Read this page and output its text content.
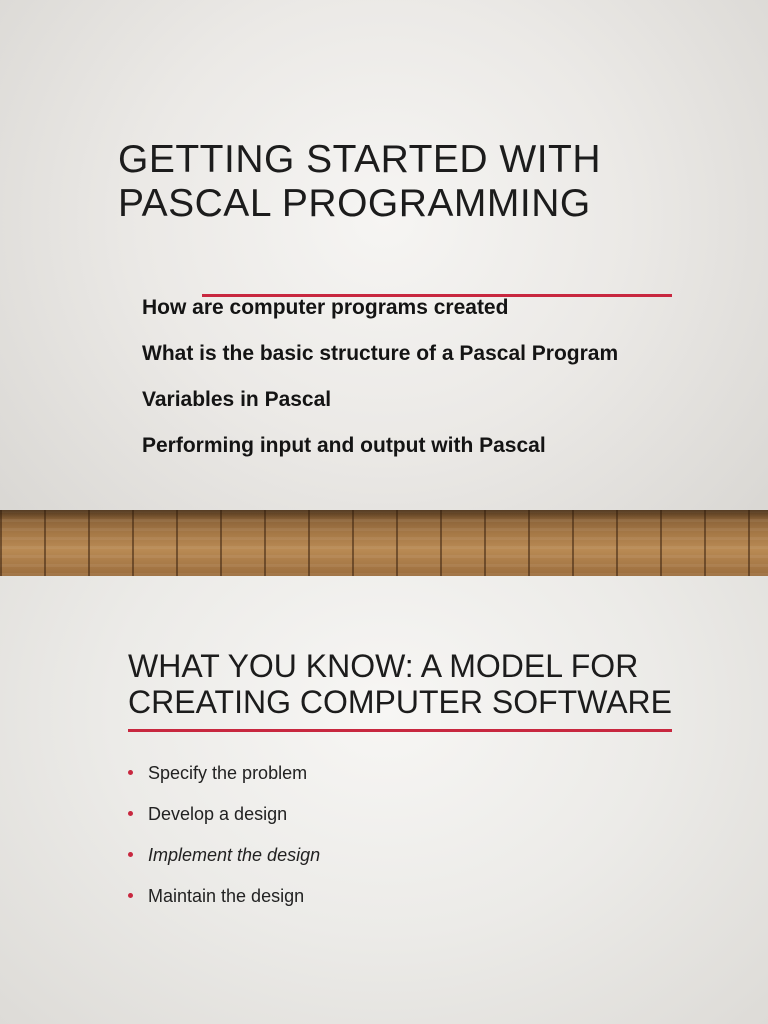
GETTING STARTED WITH
PASCAL PROGRAMMING
How are computer programs created
What is the basic structure of a Pascal Program
Variables in Pascal
Performing input and output with Pascal
WHAT YOU KNOW: A MODEL FOR
CREATING COMPUTER SOFTWARE
Specify the problem
Develop a design
Implement the design
Maintain the design
